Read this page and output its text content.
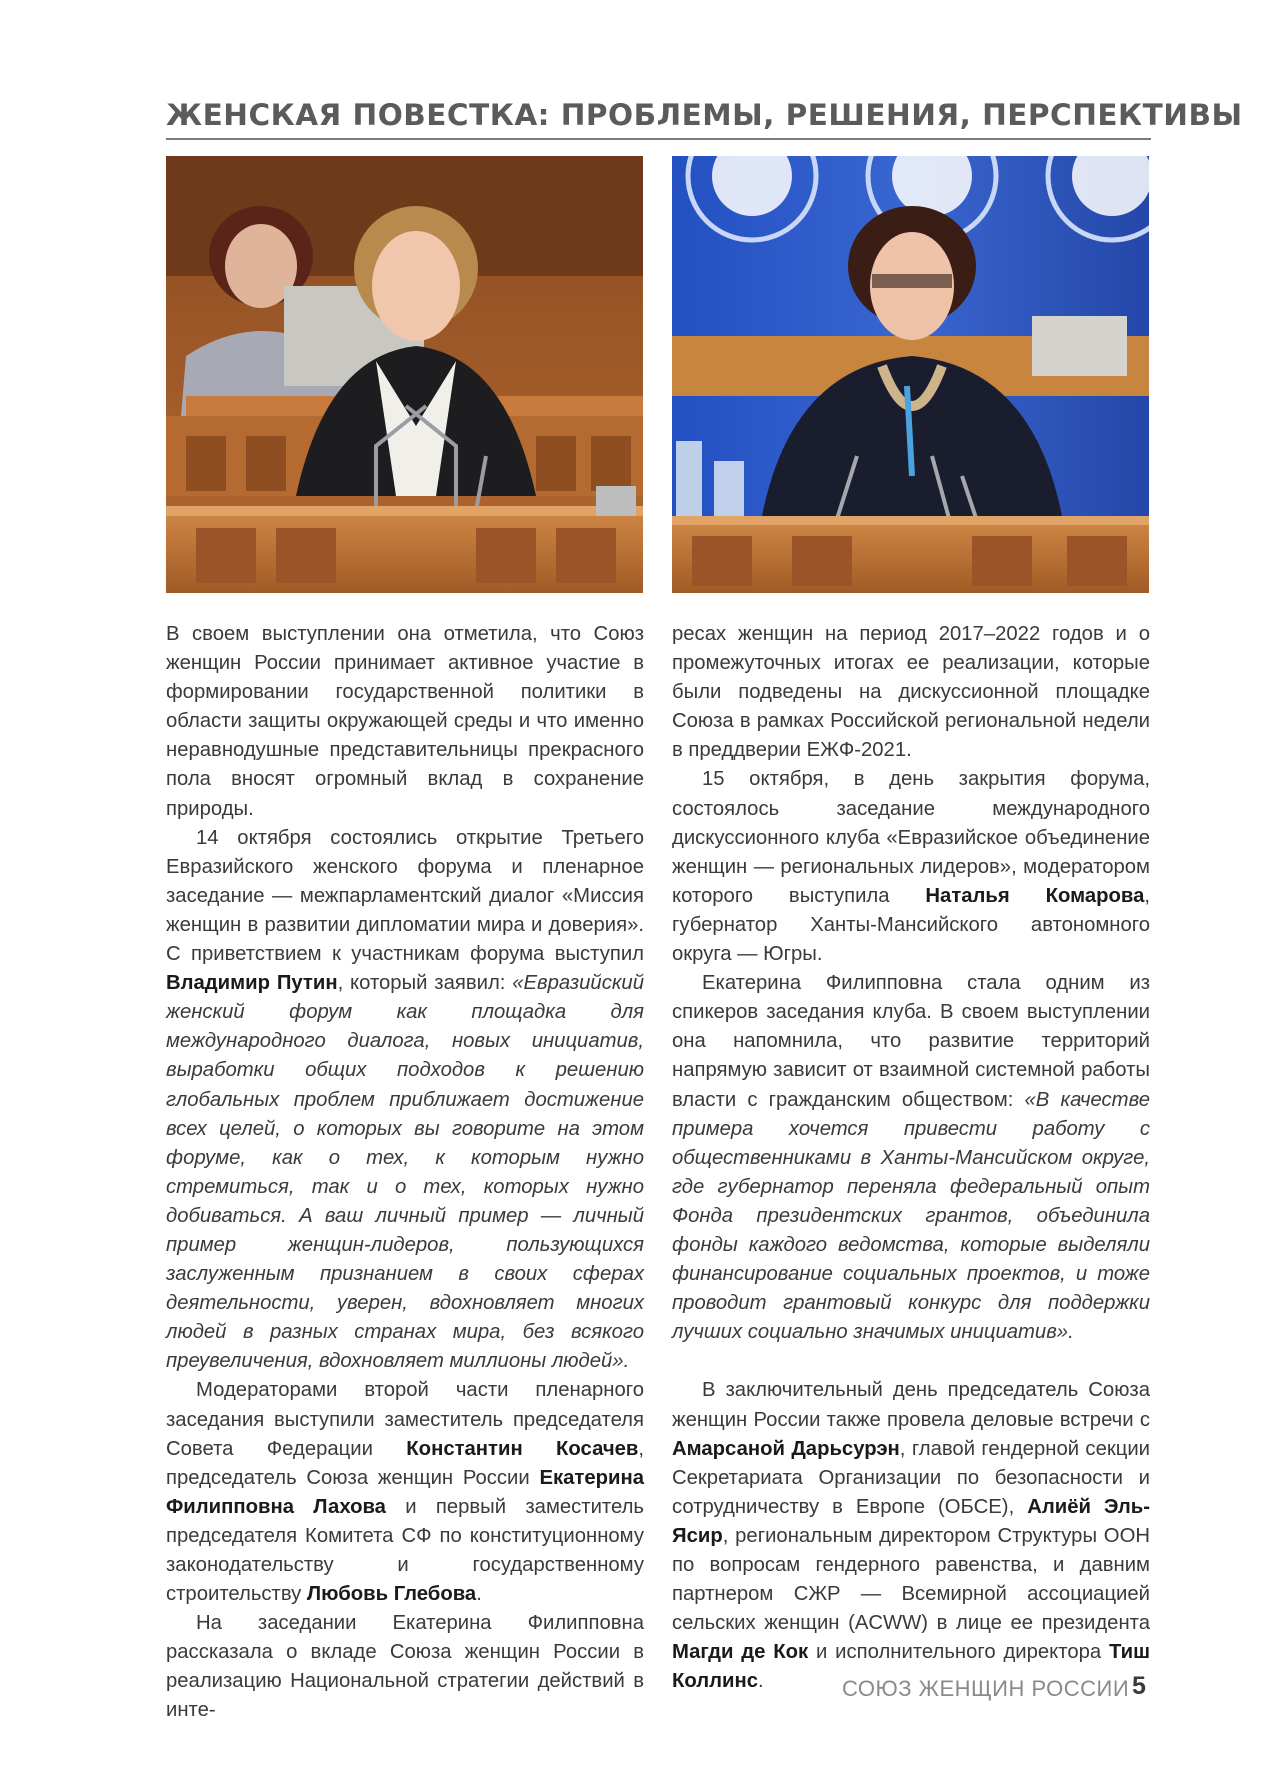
ЖЕНСКАЯ ПОВЕСТКА: ПРОБЛЕМЫ, РЕШЕНИЯ, ПЕРСПЕКТИВЫ

В своем выступлении она отметила, что Союз женщин России принимает активное участие в формировании государственной политики в области защиты окружающей среды и что именно неравнодушные представительницы прекрасного пола вносят огромный вклад в сохранение природы.

14 октября состоялись открытие Третьего Евразийского женского форума и пленарное заседание — межпарламентский диалог «Миссия женщин в развитии дипломатии мира и доверия». С приветствием к участникам форума выступил Владимир Путин, который заявил: «Евразийский женский форум как площадка для международного диалога, новых инициатив, выработки общих подходов к решению глобальных проблем приближает достижение всех целей, о которых вы говорите на этом форуме, как о тех, к которым нужно стремиться, так и о тех, которых нужно добиваться. А ваш личный пример — личный пример женщин-лидеров, пользующихся заслуженным признанием в своих сферах деятельности, уверен, вдохновляет многих людей в разных странах мира, без всякого преувеличения, вдохновляет миллионы людей».

Модераторами второй части пленарного заседания выступили заместитель председателя Совета Федерации Константин Косачев, председатель Союза женщин России Екатерина Филипповна Лахова и первый заместитель председателя Комитета СФ по конституционному законодательству и государственному строительству Любовь Глебова.

На заседании Екатерина Филипповна рассказала о вкладе Союза женщин России в реализацию Национальной стратегии действий в инте-

ресах женщин на период 2017–2022 годов и о промежуточных итогах ее реализации, которые были подведены на дискуссионной площадке Союза в рамках Российской региональной недели в преддверии ЕЖФ-2021.

15 октября, в день закрытия форума, состоялось заседание международного дискуссионного клуба «Евразийское объединение женщин — региональных лидеров», модератором которого выступила Наталья Комарова, губернатор Ханты-Мансийского автономного округа — Югры.

Екатерина Филипповна стала одним из спикеров заседания клуба. В своем выступлении она напомнила, что развитие территорий напрямую зависит от взаимной системной работы власти с гражданским обществом: «В качестве примера хочется привести работу с общественниками в Ханты-Мансийском округе, где губернатор переняла федеральный опыт Фонда президентских грантов, объединила фонды каждого ведомства, которые выделяли финансирование социальных проектов, и тоже проводит грантовый конкурс для поддержки лучших социально значимых инициатив».

В заключительный день председатель Союза женщин России также провела деловые встречи с Амарсаной Дарьсурэн, главой гендерной секции Секретариата Организации по безопасности и сотрудничеству в Европе (ОБСЕ), Алиёй Эль-Ясир, региональным директором Структуры ООН по вопросам гендерного равенства, и давним партнером СЖР — Всемирной ассоциацией сельских женщин (ACWW) в лице ее президента Магди де Кок и исполнительного директора Тиш Коллинс.	СОЮЗ ЖЕНЩИН РОССИИ 5
